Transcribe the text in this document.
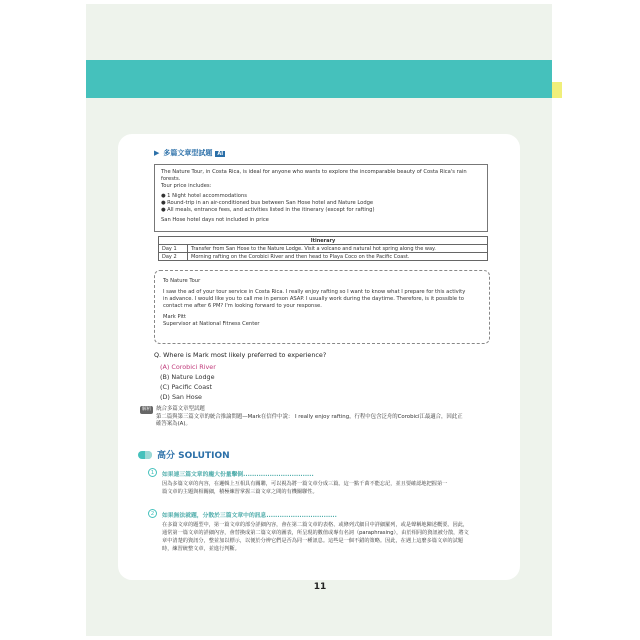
▶ 多篇文章型試題 AI

The Nature Tour, in Costa Rica, is ideal for anyone who wants to explore the incomparable beauty of Costa Rica's rain forests.

Tour price includes:

● 1 Night hotel accommodations

● Round-trip in an air-conditioned bus between San Hose hotel and Nature Lodge

● All meals, entrance fees, and activities listed in the itinerary (except for rafting)

San Hose hotel days not included in price

Itinerary	
Day 1	Transfer from San Hose to the Nature Lodge. Visit a volcano and natural hot spring along the way.
Day 2	Morning rafting on the Corobici River and then head to Playa Coco on the Pacific Coast.

To Nature Tour

I saw the ad of your tour service in Costa Rica. I really enjoy rafting so I want to know what I prepare for this activity

in advance. I would like you to call me in person ASAP. I usually work during the daytime. Therefore, is it possible to

contact me after 6 PM? I'm looking forward to your response.

Mark Pitt

Supervisor at National Fitness Center

Q. Where is Mark most likely preferred to experience?
(A) Corobici River
(B) Nature Lodge
(C) Pacific Coast
(D) San Hose
解析 統合多篇文章型試題
第二篇與第三篇文章的統合推論問題—Mark在信件中說： I really enjoy rafting，行程中包含泛舟的Corobici江最適合，因此正
確答案為(A)。
高分 SOLUTION
1	如果連三篇文章的龐大份量擊倒 .....
因為多篇文章的內容，在邏輯上互相具有關聯，可以視為將一篇文章分成三篇。這一點千萬不能忘記，並且要確認地把握第一
篇文章的主題與相關細，積極練習掌握三篇文章之間的有機關聯性。
2	如果無法就題，分散於三篇文章中的訊息 .....
在多篇文章的題型中，第一篇文章的部分詳細內容，會在第二篇文章的表格、或條列式細目中詳細羅列，或是聲稱地陳述概要。因此，
通常第一篇文章的詳細內容，會替換成第二篇文章的圖表，所呈現的數值或專有名詞（paraphrasing），由於相同的資訊被分散，將文
章中清楚的資訊分，整並加以標示，以便於分辨它們是否為同一種訊息。這些是一個不錯的策略。因此，在遇上這麼多篇文章的試題
時，練習統整文章，並進行判斷。
11
